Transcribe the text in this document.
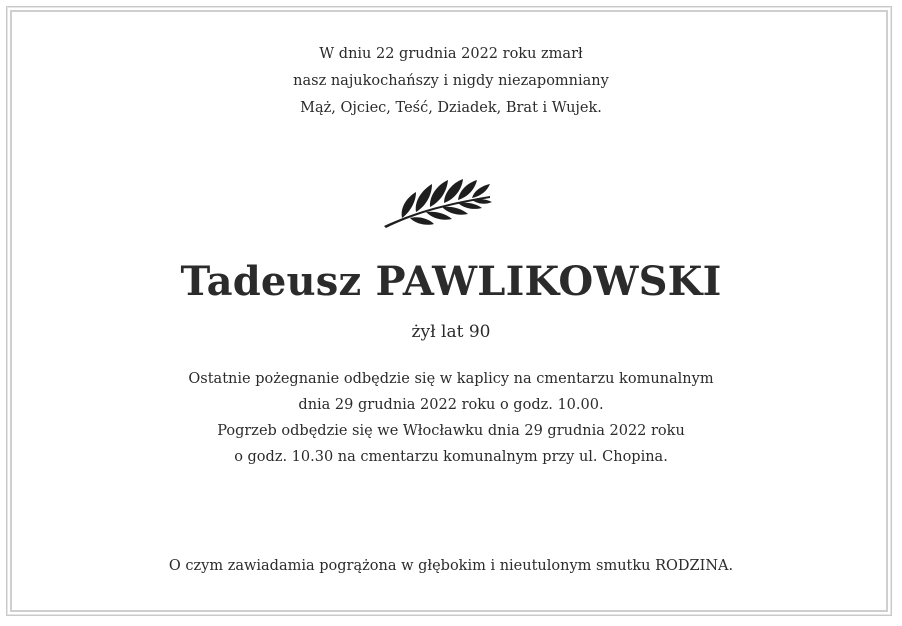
W dniu 22 grudnia 2022 roku zmarł
nasz najukochańszy i nigdy niezapomniany
Mąż, Ojciec, Teść, Dziadek, Brat i Wujek.
Tadeusz PAWLIKOWSKI
żył lat 90
Ostatnie pożegnanie odbędzie się w kaplicy na cmentarzu komunalnym
dnia 29 grudnia 2022 roku o godz. 10.00.
Pogrzeb odbędzie się we Włocławku dnia 29 grudnia 2022 roku
o godz. 10.30 na cmentarzu komunalnym przy ul. Chopina.
O czym zawiadamia pogrążona w głębokim i nieutulonym smutku RODZINA.
